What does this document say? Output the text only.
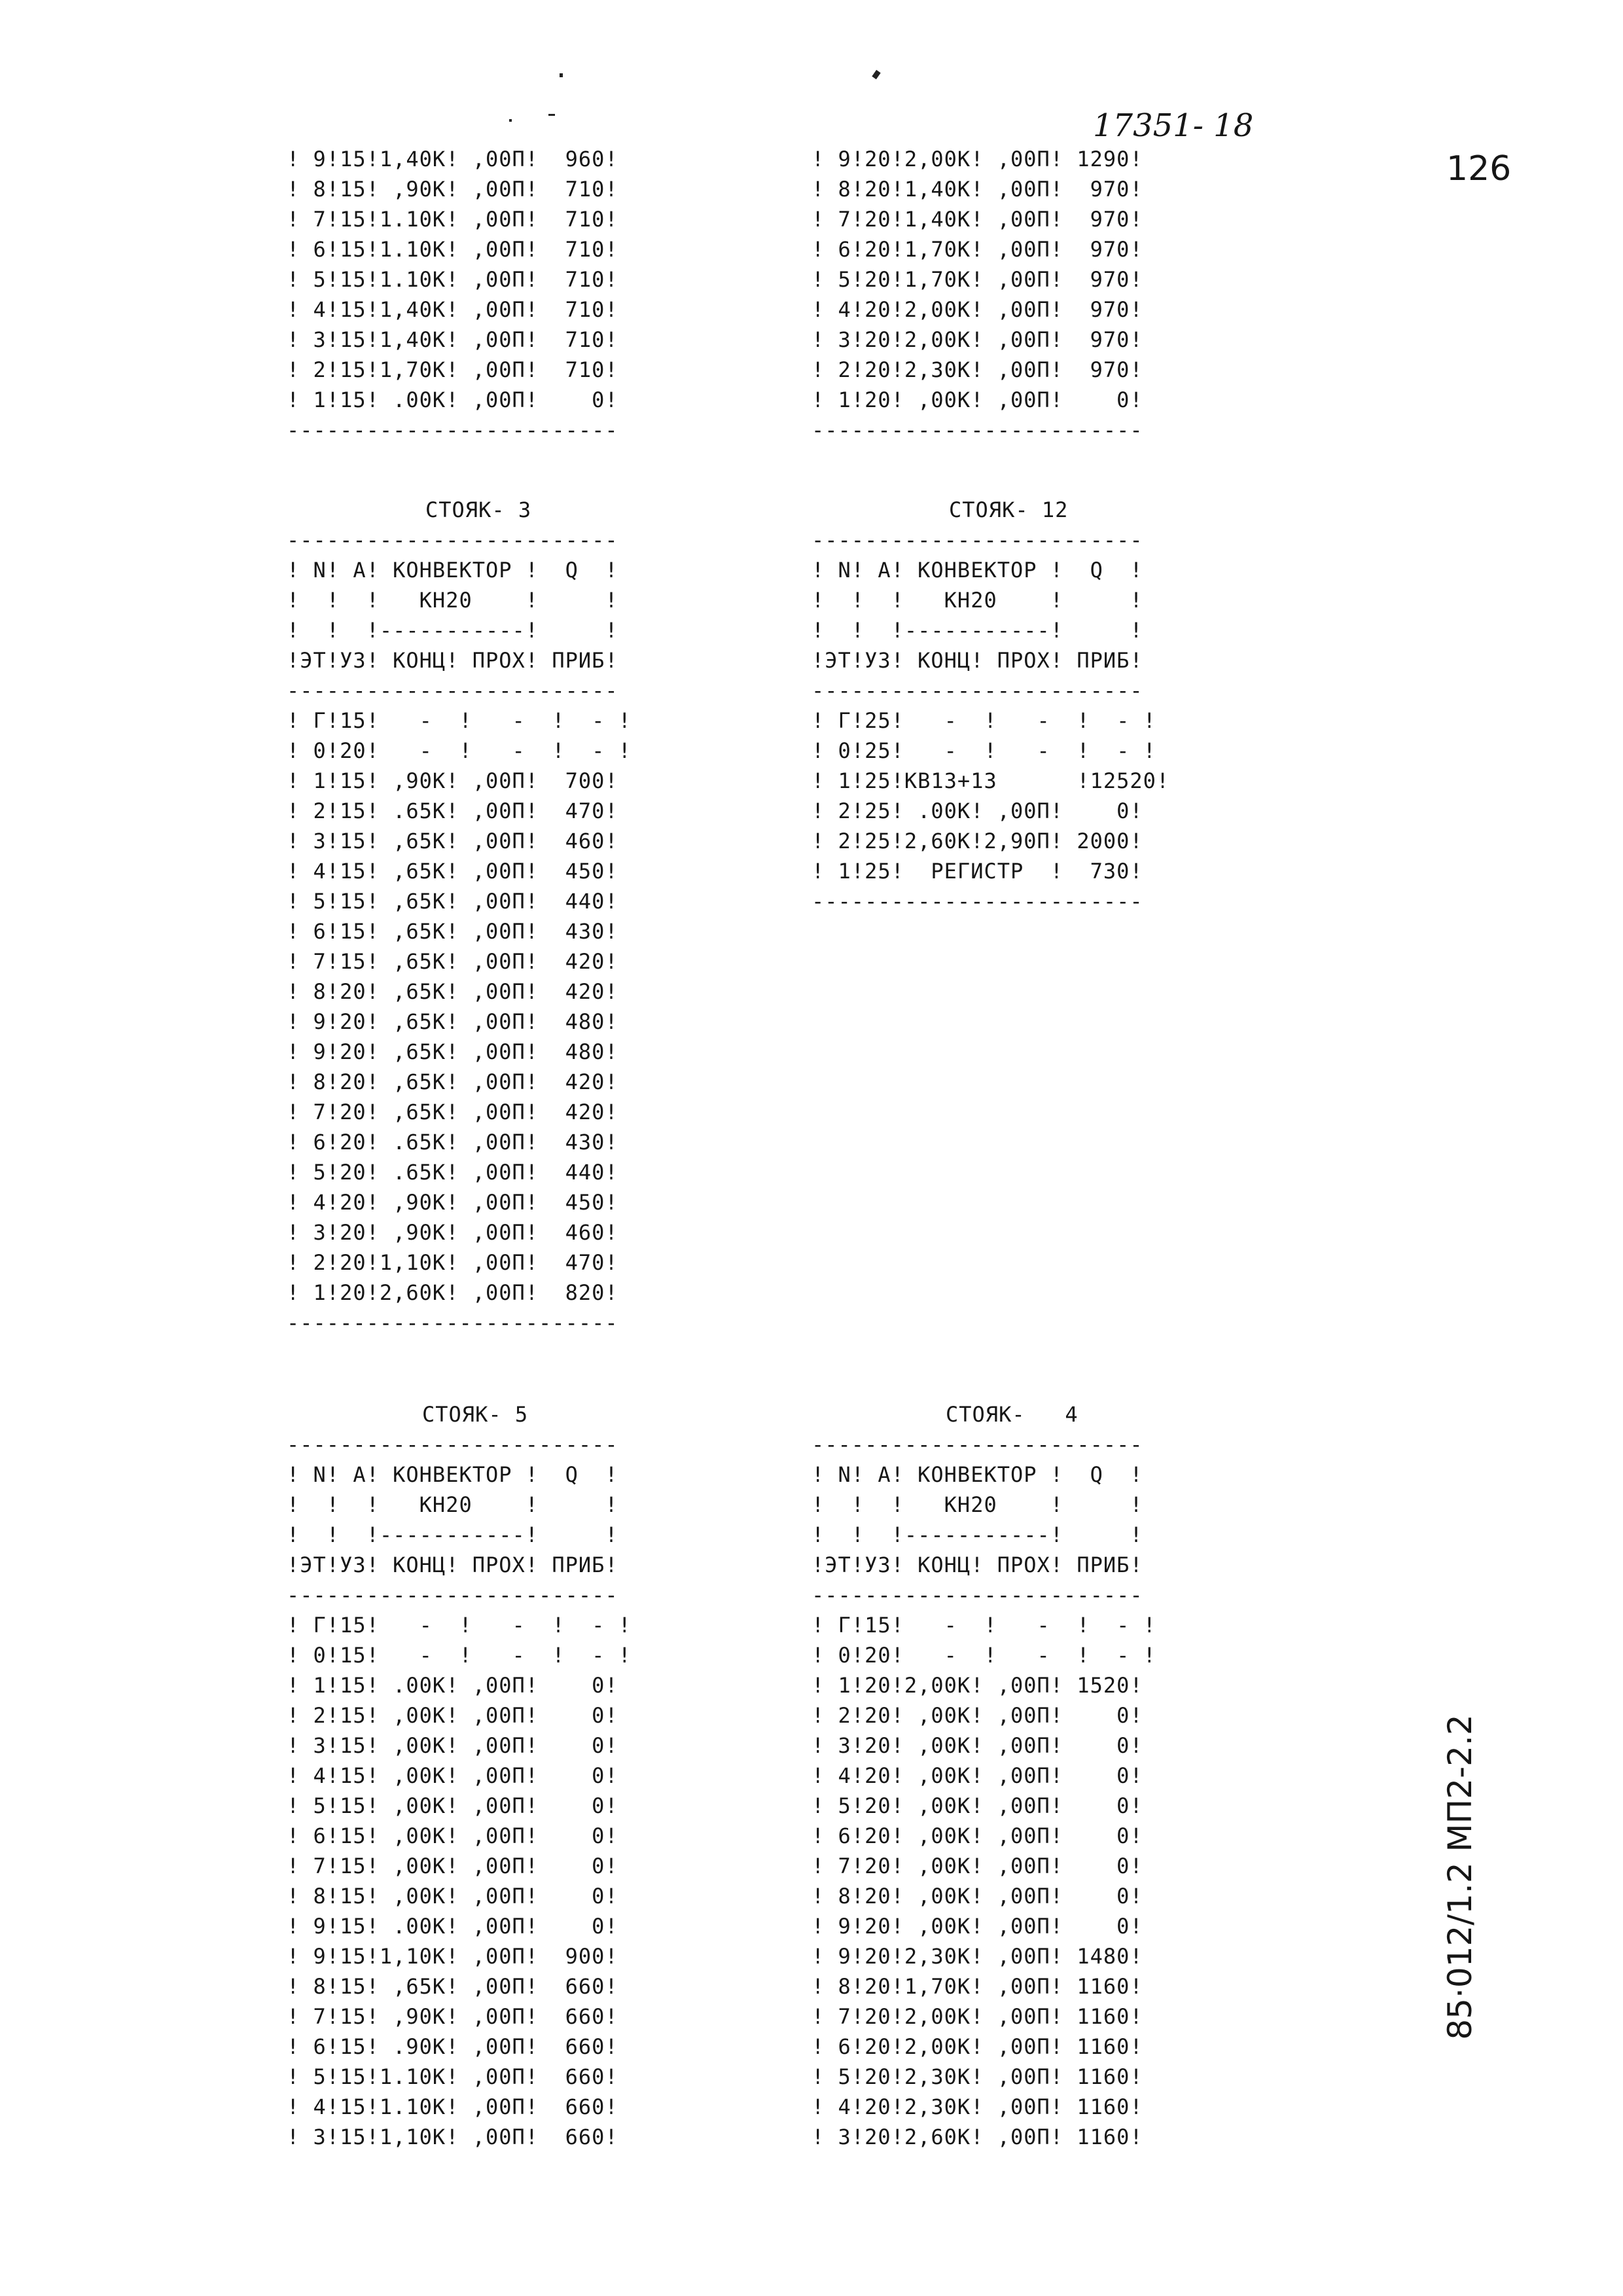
17351- 18
126
! 9!15!1,40К! ,00П!  960!
! 8!15! ,90К! ,00П!  710!
! 7!15!1.10К! ,00П!  710!
! 6!15!1.10К! ,00П!  710!
! 5!15!1.10К! ,00П!  710!
! 4!15!1,40К! ,00П!  710!
! 3!15!1,40К! ,00П!  710!
! 2!15!1,70К! ,00П!  710!
! 1!15! .00К! ,00П!    0!
-------------------------
! 9!20!2,00К! ,00П! 1290!
! 8!20!1,40К! ,00П!  970!
! 7!20!1,40К! ,00П!  970!
! 6!20!1,70К! ,00П!  970!
! 5!20!1,70К! ,00П!  970!
! 4!20!2,00К! ,00П!  970!
! 3!20!2,00К! ,00П!  970!
! 2!20!2,30К! ,00П!  970!
! 1!20! ,00К! ,00П!    0!
-------------------------
СТОЯК- 3
-------------------------
! N! А! КОНВЕКТОР !  Q  !
!  !  !   КН20    !     !
!  !  !-----------!     !
!ЭТ!УЗ! КОНЦ! ПРОХ! ПРИБ!
-------------------------
! Г!15!   -  !   -  !  - !
! 0!20!   -  !   -  !  - !
! 1!15! ,90К! ,00П!  700!
! 2!15! .65К! ,00П!  470!
! 3!15! ,65К! ,00П!  460!
! 4!15! ,65К! ,00П!  450!
! 5!15! ,65К! ,00П!  440!
! 6!15! ,65К! ,00П!  430!
! 7!15! ,65К! ,00П!  420!
! 8!20! ,65К! ,00П!  420!
! 9!20! ,65К! ,00П!  480!
! 9!20! ,65К! ,00П!  480!
! 8!20! ,65К! ,00П!  420!
! 7!20! ,65К! ,00П!  420!
! 6!20! .65К! ,00П!  430!
! 5!20! .65К! ,00П!  440!
! 4!20! ,90К! ,00П!  450!
! 3!20! ,90К! ,00П!  460!
! 2!20!1,10К! ,00П!  470!
! 1!20!2,60К! ,00П!  820!
-------------------------
СТОЯК- 12
-------------------------
! N! А! КОНВЕКТОР !  Q  !
!  !  !   КН20    !     !
!  !  !-----------!     !
!ЭТ!УЗ! КОНЦ! ПРОХ! ПРИБ!
-------------------------
! Г!25!   -  !   -  !  - !
! 0!25!   -  !   -  !  - !
! 1!25!КВ13+13      !12520!
! 2!25! .00К! ,00П!    0!
! 2!25!2,60К!2,90П! 2000!
! 1!25!  РЕГИСТР  !  730!
-------------------------
СТОЯК- 5
-------------------------
! N! А! КОНВЕКТОР !  Q  !
!  !  !   КН20    !     !
!  !  !-----------!     !
!ЭТ!УЗ! КОНЦ! ПРОХ! ПРИБ!
-------------------------
! Г!15!   -  !   -  !  - !
! 0!15!   -  !   -  !  - !
! 1!15! .00К! ,00П!    0!
! 2!15! ,00К! ,00П!    0!
! 3!15! ,00К! ,00П!    0!
! 4!15! ,00К! ,00П!    0!
! 5!15! ,00К! ,00П!    0!
! 6!15! ,00К! ,00П!    0!
! 7!15! ,00К! ,00П!    0!
! 8!15! ,00К! ,00П!    0!
! 9!15! .00К! ,00П!    0!
! 9!15!1,10К! ,00П!  900!
! 8!15! ,65К! ,00П!  660!
! 7!15! ,90К! ,00П!  660!
! 6!15! .90К! ,00П!  660!
! 5!15!1.10К! ,00П!  660!
! 4!15!1.10К! ,00П!  660!
! 3!15!1,10К! ,00П!  660!
СТОЯК-   4
-------------------------
! N! А! КОНВЕКТОР !  Q  !
!  !  !   КН20    !     !
!  !  !-----------!     !
!ЭТ!УЗ! КОНЦ! ПРОХ! ПРИБ!
-------------------------
! Г!15!   -  !   -  !  - !
! 0!20!   -  !   -  !  - !
! 1!20!2,00К! ,00П! 1520!
! 2!20! ,00К! ,00П!    0!
! 3!20! ,00К! ,00П!    0!
! 4!20! ,00К! ,00П!    0!
! 5!20! ,00К! ,00П!    0!
! 6!20! ,00К! ,00П!    0!
! 7!20! ,00К! ,00П!    0!
! 8!20! ,00К! ,00П!    0!
! 9!20! ,00К! ,00П!    0!
! 9!20!2,30К! ,00П! 1480!
! 8!20!1,70К! ,00П! 1160!
! 7!20!2,00К! ,00П! 1160!
! 6!20!2,00К! ,00П! 1160!
! 5!20!2,30К! ,00П! 1160!
! 4!20!2,30К! ,00П! 1160!
! 3!20!2,60К! ,00П! 1160!
85·012/1.2 МП2-2.2
